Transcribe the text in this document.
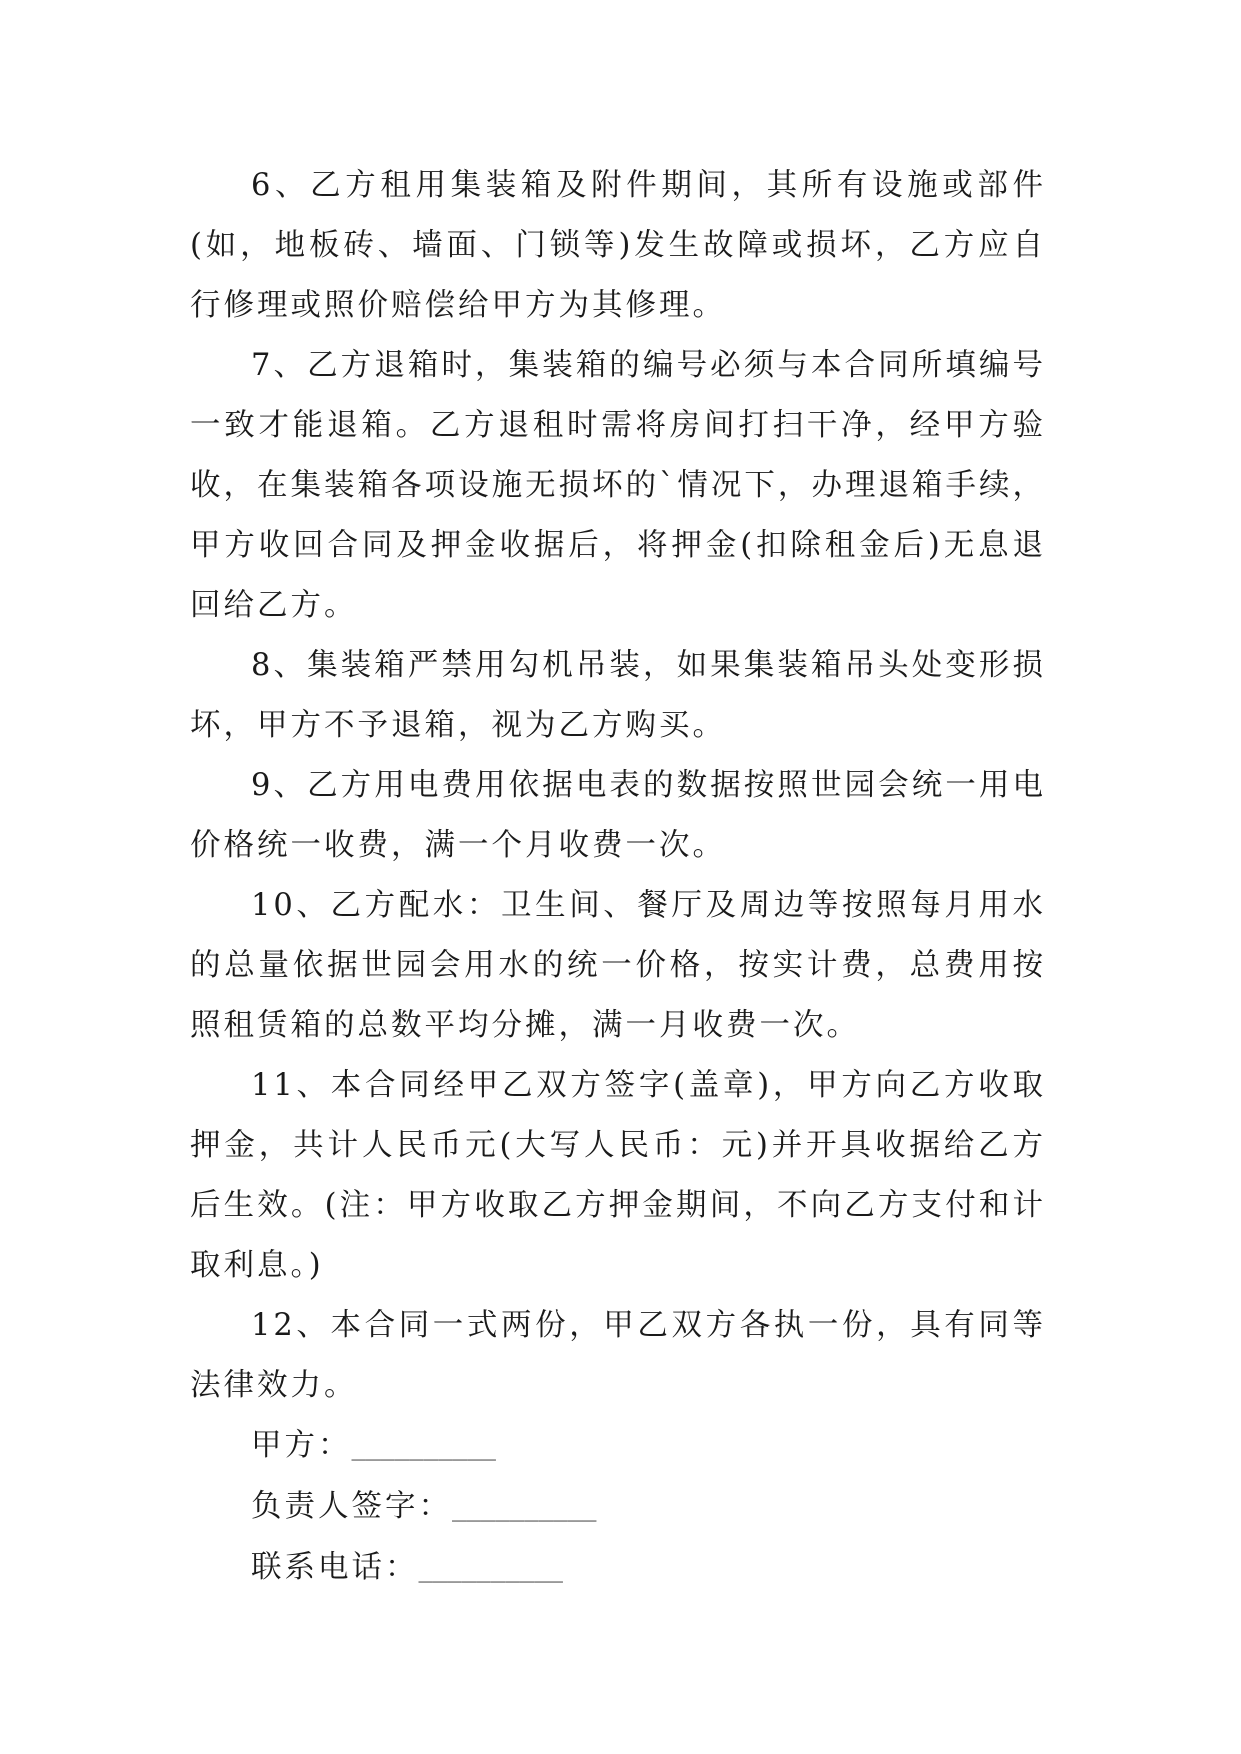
6、乙方租用集装箱及附件期间，其所有设施或部件(如，地板砖、墙面、门锁等)发生故障或损坏，乙方应自行修理或照价赔偿给甲方为其修理。

7、乙方退箱时，集装箱的编号必须与本合同所填编号一致才能退箱。乙方退租时需将房间打扫干净，经甲方验收，在集装箱各项设施无损坏的`情况下，办理退箱手续，甲方收回合同及押金收据后，将押金(扣除租金后)无息退回给乙方。

8、集装箱严禁用勾机吊装，如果集装箱吊头处变形损坏，甲方不予退箱，视为乙方购买。

9、乙方用电费用依据电表的数据按照世园会统一用电价格统一收费，满一个月收费一次。

10、乙方配水：卫生间、餐厅及周边等按照每月用水的总量依据世园会用水的统一价格，按实计费，总费用按照租赁箱的总数平均分摊，满一月收费一次。

11、本合同经甲乙双方签字(盖章)，甲方向乙方收取押金，共计人民币元(大写人民币：元)并开具收据给乙方后生效。(注：甲方收取乙方押金期间，不向乙方支付和计取利息。)

12、本合同一式两份，甲乙双方各执一份，具有同等法律效力。

甲方：__________

负责人签字：__________

联系电话：__________
